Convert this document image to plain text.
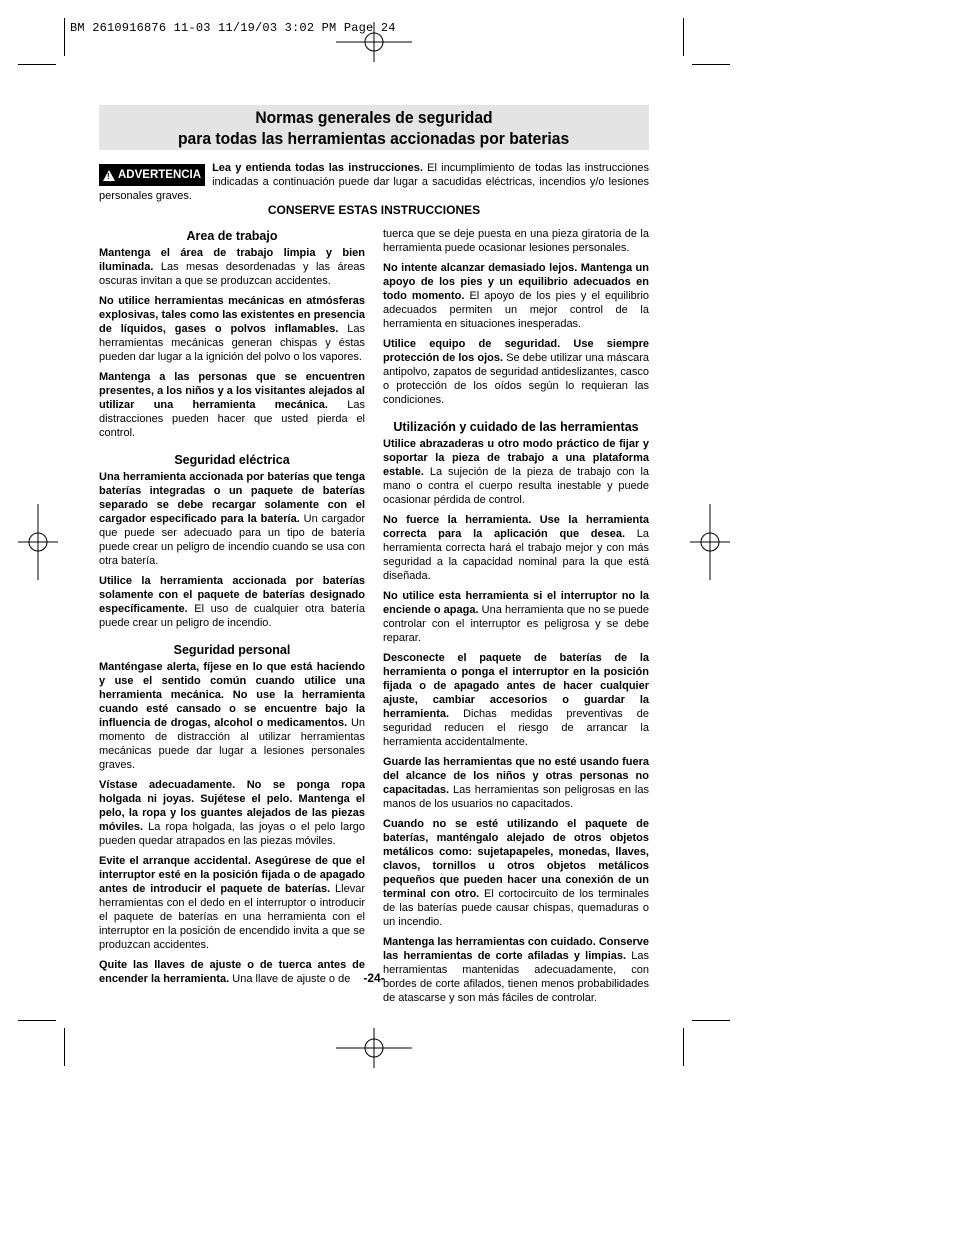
BM 2610916876 11-03 11/19/03 3:02 PM Page 24
Normas generales de seguridad
para todas las herramientas accionadas por baterias
! ADVERTENCIA
Lea y entienda todas las instrucciones. El incumplimiento de todas las instrucciones indicadas a continuación puede dar lugar a sacudidas eléctricas, incendios y/o lesiones personales graves.
CONSERVE ESTAS INSTRUCCIONES
Area de trabajo

Mantenga el área de trabajo limpia y bien iluminada. Las mesas desordenadas y las áreas oscuras invitan a que se produzcan accidentes.

No utilice herramientas mecánicas en atmósferas explosivas, tales como las existentes en presencia de líquidos, gases o polvos inflamables. Las herramientas mecánicas generan chispas y éstas pueden dar lugar a la ignición del polvo o los vapores.

Mantenga a las personas que se encuentren presentes, a los niños y a los visitantes alejados al utilizar una herramienta mecánica. Las distracciones pueden hacer que usted pierda el control.

Seguridad eléctrica

Una herramienta accionada por baterías que tenga baterías integradas o un paquete de baterías separado se debe recargar solamente con el cargador especificado para la batería. Un cargador que puede ser adecuado para un tipo de batería puede crear un peligro de incendio cuando se usa con otra batería.

Utilice la herramienta accionada por baterías solamente con el paquete de baterías designado específicamente. El uso de cualquier otra batería puede crear un peligro de incendio.

Seguridad personal

Manténgase alerta, fíjese en lo que está haciendo y use el sentido común cuando utilice una herramienta mecánica. No use la herramienta cuando esté cansado o se encuentre bajo la influencia de drogas, alcohol o medicamentos. Un momento de distracción al utilizar herramientas mecánicas puede dar lugar a lesiones personales graves.

Vístase adecuadamente. No se ponga ropa holgada ni joyas. Sujétese el pelo. Mantenga el pelo, la ropa y los guantes alejados de las piezas móviles. La ropa holgada, las joyas o el pelo largo pueden quedar atrapados en las piezas móviles.

Evite el arranque accidental. Asegúrese de que el interruptor esté en la posición fijada o de apagado antes de introducir el paquete de baterías. Llevar herramientas con el dedo en el interruptor o introducir el paquete de baterías en una herramienta con el interruptor en la posición de encendido invita a que se produzcan accidentes.

Quite las llaves de ajuste o de tuerca antes de encender la herramienta. Una llave de ajuste o de

tuerca que se deje puesta en una pieza giratoria de la herramienta puede ocasionar lesiones personales.

No intente alcanzar demasiado lejos. Mantenga un apoyo de los pies y un equilibrio adecuados en todo momento. El apoyo de los pies y el equilibrio adecuados permiten un mejor control de la herramienta en situaciones inesperadas.

Utilice equipo de seguridad. Use siempre protección de los ojos. Se debe utilizar una máscara antipolvo, zapatos de seguridad antideslizantes, casco o protección de los oídos según lo requieran las condiciones.

Utilización y cuidado de las herramientas

Utilice abrazaderas u otro modo práctico de fijar y soportar la pieza de trabajo a una plataforma estable. La sujeción de la pieza de trabajo con la mano o contra el cuerpo resulta inestable y puede ocasionar pérdida de control.

No fuerce la herramienta. Use la herramienta correcta para la aplicación que desea. La herramienta correcta hará el trabajo mejor y con más seguridad a la capacidad nominal para la que está diseñada.

No utilice esta herramienta si el interruptor no la enciende o apaga. Una herramienta que no se puede controlar con el interruptor es peligrosa y se debe reparar.

Desconecte el paquete de baterías de la herramienta o ponga el interruptor en la posición fijada o de apagado antes de hacer cualquier ajuste, cambiar accesorios o guardar la herramienta. Dichas medidas preventivas de seguridad reducen el riesgo de arrancar la herramienta accidentalmente.

Guarde las herramientas que no esté usando fuera del alcance de los niños y otras personas no capacitadas. Las herramientas son peligrosas en las manos de los usuarios no capacitados.

Cuando no se esté utilizando el paquete de baterías, manténgalo alejado de otros objetos metálicos como: sujetapapeles, monedas, llaves, clavos, tornillos u otros objetos metálicos pequeños que pueden hacer una conexión de un terminal con otro. El cortocircuito de los terminales de las baterías puede causar chispas, quemaduras o un incendio.

Mantenga las herramientas con cuidado. Conserve las herramientas de corte afiladas y limpias. Las herramientas mantenidas adecuadamente, con bordes de corte afilados, tienen menos probabilidades de atascarse y son más fáciles de controlar.

-24-
